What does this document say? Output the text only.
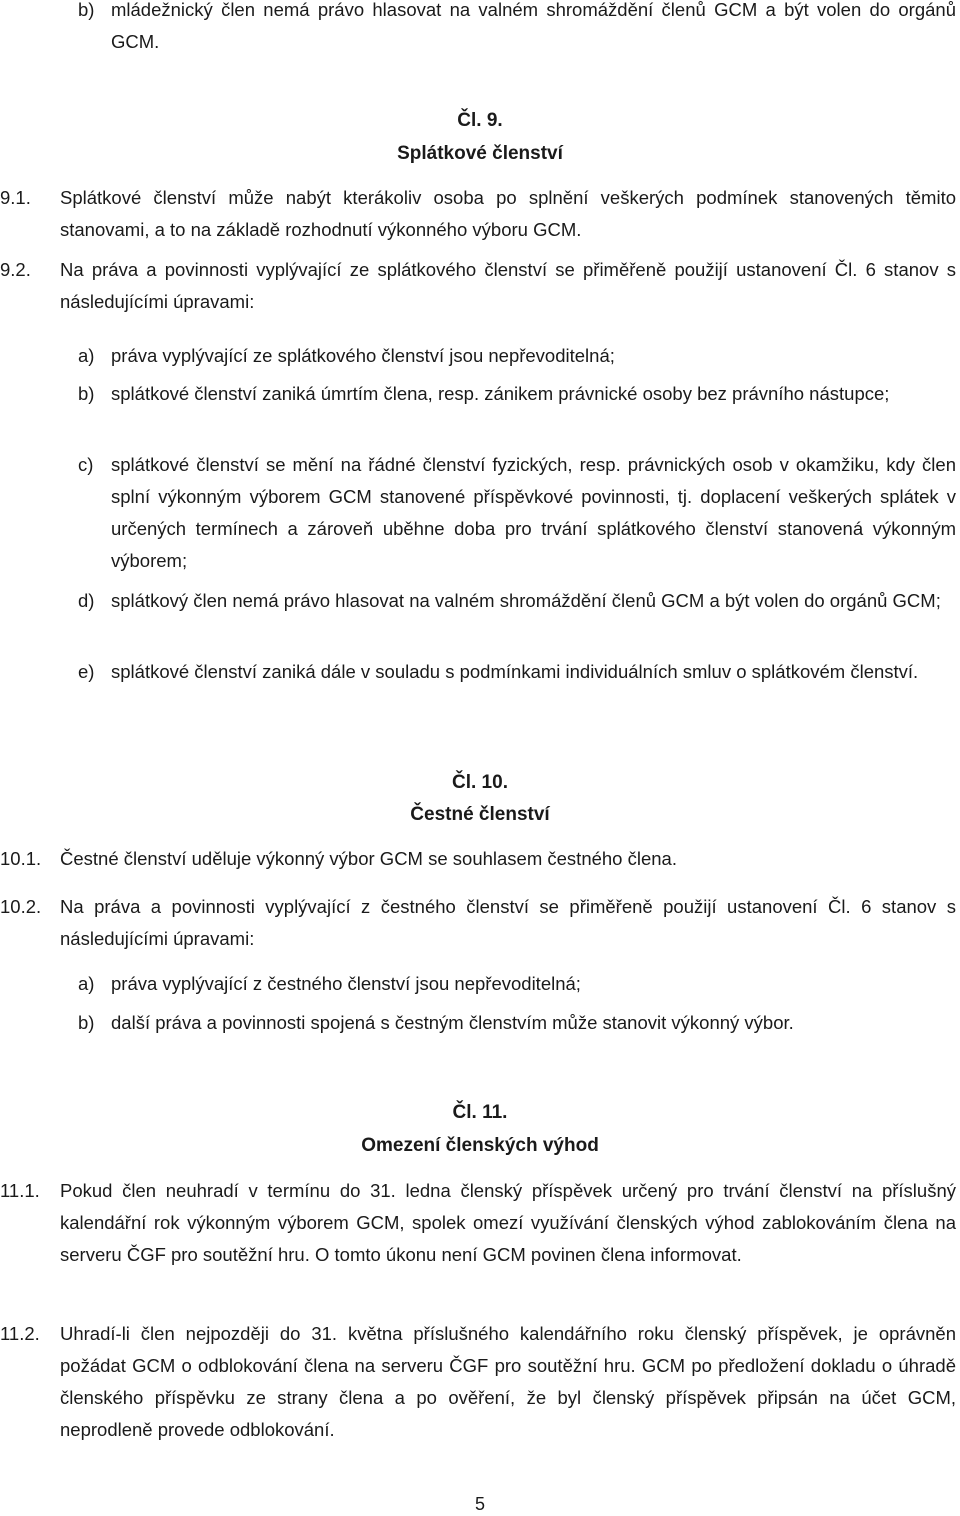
b) mládežnický člen nemá právo hlasovat na valném shromáždění členů GCM a být volen do orgánů GCM.
Čl. 9.
Splátkové členství
9.1. Splátkové členství může nabýt kterákoliv osoba po splnění veškerých podmínek stanovených těmito stanovami, a to na základě rozhodnutí výkonného výboru GCM.
9.2. Na práva a povinnosti vyplývající ze splátkového členství se přiměřeně použijí ustanovení Čl. 6 stanov s následujícími úpravami:
a) práva vyplývající ze splátkového členství jsou nepřevoditelná;
b) splátkové členství zaniká úmrtím člena, resp. zánikem právnické osoby bez právního nástupce;
c) splátkové členství se mění na řádné členství fyzických, resp. právnických osob v okamžiku, kdy člen splní výkonným výborem GCM stanovené příspěvkové povinnosti, tj. doplacení veškerých splátek v určených termínech a zároveň uběhne doba pro trvání splátkového členství stanovená výkonným výborem;
d) splátkový člen nemá právo hlasovat na valném shromáždění členů GCM a být volen do orgánů GCM;
e) splátkové členství zaniká dále v souladu s podmínkami individuálních smluv o splátkovém členství.
Čl. 10.
Čestné členství
10.1. Čestné členství uděluje výkonný výbor GCM se souhlasem čestného člena.
10.2. Na práva a povinnosti vyplývající z čestného členství se přiměřeně použijí ustanovení Čl. 6 stanov s následujícími úpravami:
a) práva vyplývající z čestného členství jsou nepřevoditelná;
b) další práva a povinnosti spojená s čestným členstvím může stanovit výkonný výbor.
Čl. 11.
Omezení členských výhod
11.1. Pokud člen neuhradí v termínu do 31. ledna členský příspěvek určený pro trvání členství na příslušný kalendářní rok výkonným výborem GCM, spolek omezí využívání členských výhod zablokováním člena na serveru ČGF pro soutěžní hru. O tomto úkonu není GCM povinen člena informovat.
11.2. Uhradí-li člen nejpozději do 31. května příslušného kalendářního roku členský příspěvek, je oprávněn požádat GCM o odblokování člena na serveru ČGF pro soutěžní hru. GCM po předložení dokladu o úhradě členského příspěvku ze strany člena a po ověření, že byl členský příspěvek připsán na účet GCM, neprodleně provede odblokování.
5
